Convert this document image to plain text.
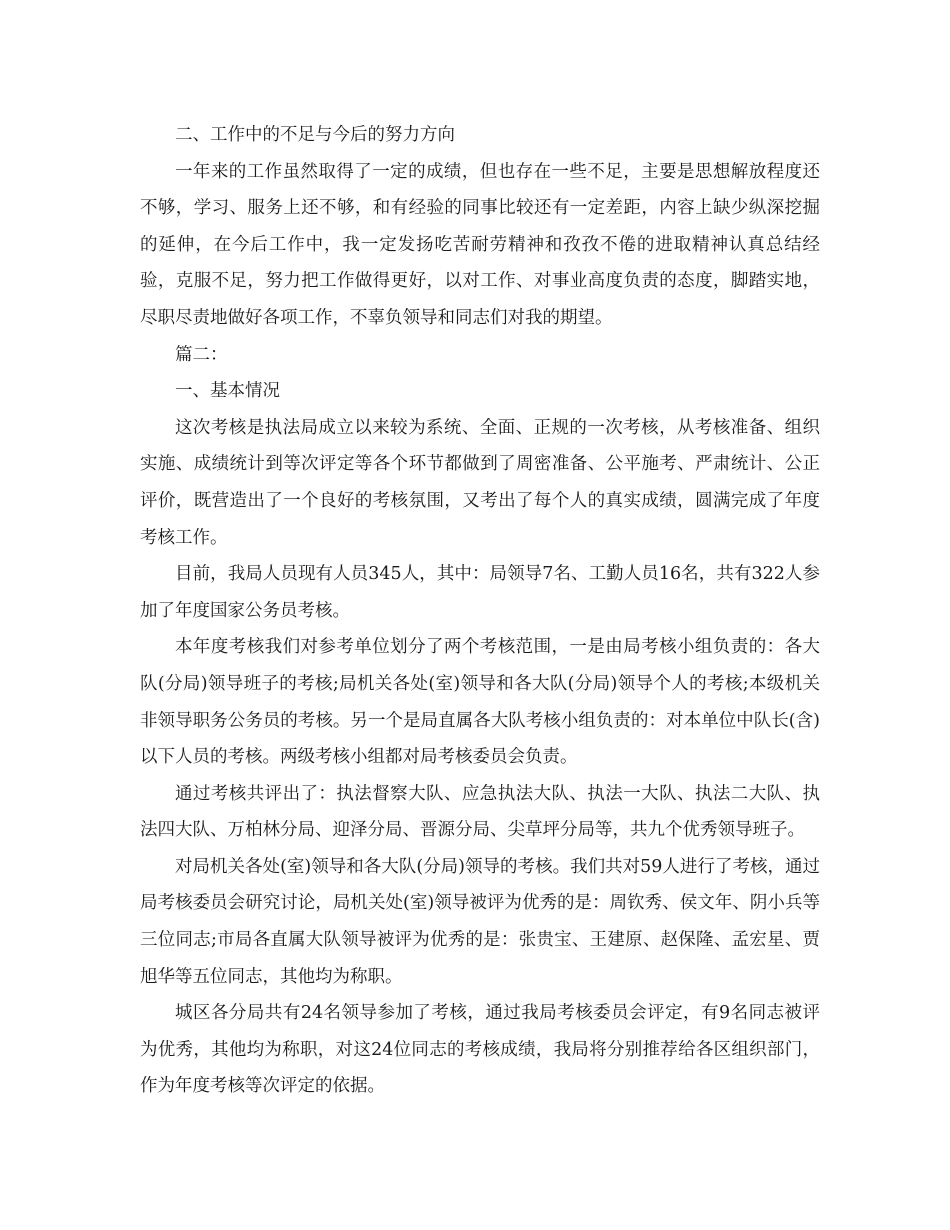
二、工作中的不足与今后的努力方向

一年来的工作虽然取得了一定的成绩，但也存在一些不足，主要是思想解放程度还不够，学习、服务上还不够，和有经验的同事比较还有一定差距，内容上缺少纵深挖掘的延伸，在今后工作中，我一定发扬吃苦耐劳精神和孜孜不倦的进取精神认真总结经验，克服不足，努力把工作做得更好，以对工作、对事业高度负责的态度，脚踏实地，尽职尽责地做好各项工作，不辜负领导和同志们对我的期望。

篇二：

一、基本情况

这次考核是执法局成立以来较为系统、全面、正规的一次考核，从考核准备、组织实施、成绩统计到等次评定等各个环节都做到了周密准备、公平施考、严肃统计、公正评价，既营造出了一个良好的考核氛围，又考出了每个人的真实成绩，圆满完成了年度考核工作。

目前，我局人员现有人员345人，其中：局领导7名、工勤人员16名，共有322人参加了年度国家公务员考核。

本年度考核我们对参考单位划分了两个考核范围，一是由局考核小组负责的：各大队(分局)领导班子的考核;局机关各处(室)领导和各大队(分局)领导个人的考核;本级机关非领导职务公务员的考核。另一个是局直属各大队考核小组负责的：对本单位中队长(含)以下人员的考核。两级考核小组都对局考核委员会负责。

通过考核共评出了：执法督察大队、应急执法大队、执法一大队、执法二大队、执法四大队、万柏林分局、迎泽分局、晋源分局、尖草坪分局等，共九个优秀领导班子。

对局机关各处(室)领导和各大队(分局)领导的考核。我们共对59人进行了考核，通过局考核委员会研究讨论，局机关处(室)领导被评为优秀的是：周钦秀、侯文年、阴小兵等三位同志;市局各直属大队领导被评为优秀的是：张贵宝、王建原、赵保隆、孟宏星、贾旭华等五位同志，其他均为称职。

城区各分局共有24名领导参加了考核，通过我局考核委员会评定，有9名同志被评为优秀，其他均为称职，对这24位同志的考核成绩，我局将分别推荐给各区组织部门，作为年度考核等次评定的依据。
